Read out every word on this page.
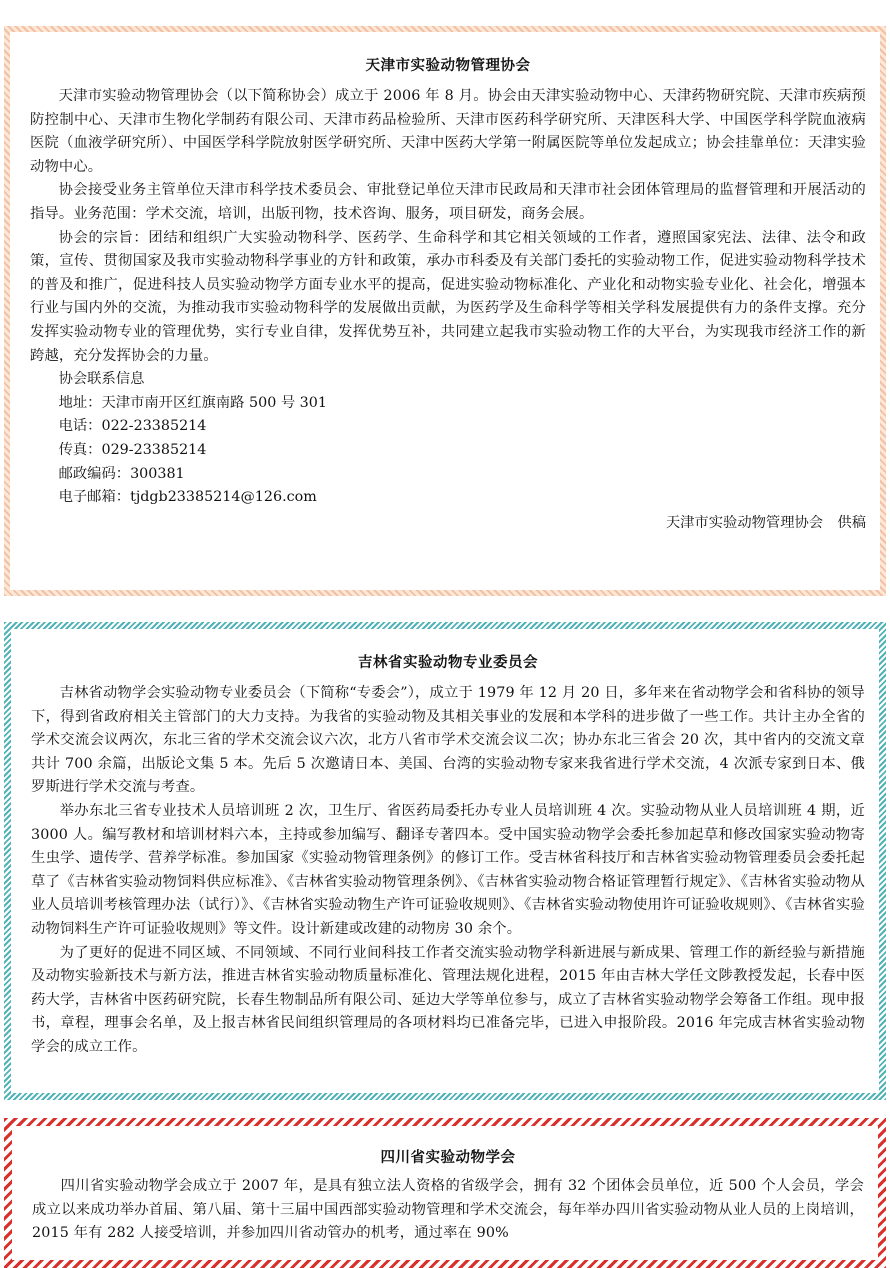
天津市实验动物管理协会

天津市实验动物管理协会（以下简称协会）成立于 2006 年 8 月。协会由天津实验动物中心、天津药物研究院、天津市疾病预防控制中心、天津市生物化学制药有限公司、天津市药品检验所、天津市医药科学研究所、天津医科大学、中国医学科学院血液病医院（血液学研究所）、中国医学科学院放射医学研究所、天津中医药大学第一附属医院等单位发起成立；协会挂靠单位：天津实验动物中心。

协会接受业务主管单位天津市科学技术委员会、审批登记单位天津市民政局和天津市社会团体管理局的监督管理和开展活动的指导。业务范围：学术交流，培训，出版刊物，技术咨询、服务，项目研发，商务会展。

协会的宗旨：团结和组织广大实验动物科学、医药学、生命科学和其它相关领域的工作者，遵照国家宪法、法律、法令和政策，宣传、贯彻国家及我市实验动物科学事业的方针和政策，承办市科委及有关部门委托的实验动物工作，促进实验动物科学技术的普及和推广，促进科技人员实验动物学方面专业水平的提高，促进实验动物标准化、产业化和动物实验专业化、社会化，增强本行业与国内外的交流，为推动我市实验动物科学的发展做出贡献，为医药学及生命科学等相关学科发展提供有力的条件支撑。充分发挥实验动物专业的管理优势，实行专业自律，发挥优势互补，共同建立起我市实验动物工作的大平台，为实现我市经济工作的新跨越，充分发挥协会的力量。

协会联系信息
地址：天津市南开区红旗南路 500 号 301
电话：022-23385214
传真：029-23385214
邮政编码：300381
电子邮箱：tjdgb23385214@126.com
天津市实验动物管理协会　供稿
吉林省实验动物专业委员会

吉林省动物学会实验动物专业委员会（下简称“专委会”），成立于 1979 年 12 月 20 日，多年来在省动物学会和省科协的领导下，得到省政府相关主管部门的大力支持。为我省的实验动物及其相关事业的发展和本学科的进步做了一些工作。共计主办全省的学术交流会议两次，东北三省的学术交流会议六次，北方八省市学术交流会议二次；协办东北三省会 20 次，其中省内的交流文章共计 700 余篇，出版论文集 5 本。先后 5 次邀请日本、美国、台湾的实验动物专家来我省进行学术交流，4 次派专家到日本、俄罗斯进行学术交流与考查。

举办东北三省专业技术人员培训班 2 次，卫生厅、省医药局委托办专业人员培训班 4 次。实验动物从业人员培训班 4 期，近 3000 人。编写教材和培训材料六本，主持或参加编写、翻译专著四本。受中国实验动物学会委托参加起草和修改国家实验动物寄生虫学、遗传学、营养学标准。参加国家《实验动物管理条例》的修订工作。受吉林省科技厅和吉林省实验动物管理委员会委托起草了《吉林省实验动物饲料供应标准》、《吉林省实验动物管理条例》、《吉林省实验动物合格证管理暂行规定》、《吉林省实验动物从业人员培训考核管理办法（试行）》、《吉林省实验动物生产许可证验收规则》、《吉林省实验动物使用许可证验收规则》、《吉林省实验动物饲料生产许可证验收规则》等文件。设计新建或改建的动物房 30 余个。

为了更好的促进不同区域、不同领域、不同行业间科技工作者交流实验动物学科新进展与新成果、管理工作的新经验与新措施及动物实验新技术与新方法，推进吉林省实验动物质量标准化、管理法规化进程，2015 年由吉林大学任文陟教授发起，长春中医药大学，吉林省中医药研究院，长春生物制品所有限公司、延边大学等单位参与，成立了吉林省实验动物学会筹备工作组。现申报书，章程，理事会名单，及上报吉林省民间组织管理局的各项材料均已准备完毕，已进入申报阶段。2016 年完成吉林省实验动物学会的成立工作。

四川省实验动物学会

四川省实验动物学会成立于 2007 年，是具有独立法人资格的省级学会，拥有 32 个团体会员单位，近 500 个人会员，学会成立以来成功举办首届、第八届、第十三届中国西部实验动物管理和学术交流会，每年举办四川省实验动物从业人员的上岗培训，2015 年有 282 人接受培训，并参加四川省动管办的机考，通过率在 90%
